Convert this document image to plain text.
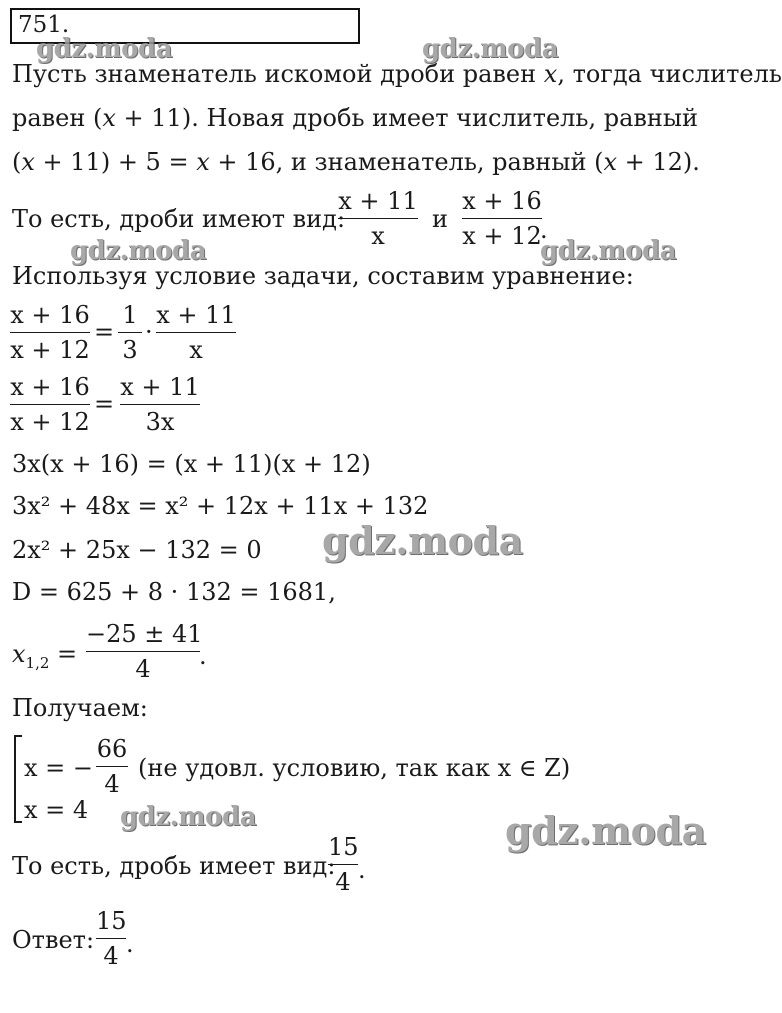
751.
gdz.moda	gdz.moda
gdz.moda	gdz.moda
gdz.moda
gdz.moda	gdz.moda
Пусть знаменатель искомой дроби равен x, тогда числитель
равен (x + 11). Новая дробь имеет числитель, равный
(x + 11) + 5 = x + 16, и знаменатель, равный (x + 12).
То есть, дроби имеют вид:
x + 11
x
и
x + 16
x + 12
.
Используя условие задачи, составим уравнение:
x + 16
x + 12
=
1
3
·
x + 11
x
x + 16
x + 12
=
x + 11
3x
3x(x + 16) = (x + 11)(x + 12)
3x² + 48x = x² + 12x + 11x + 132
2x² + 25x − 132 = 0
D = 625 + 8 · 132 = 1681,
$x_{1,2}$ =
−25 ± 41
4	.
Получаем:
x = −
66
4
(не удовл. условию, так как x ∈ Z)
x = 4
То есть, дробь имеет вид:
15
4 .
Ответ:
15
4 .
